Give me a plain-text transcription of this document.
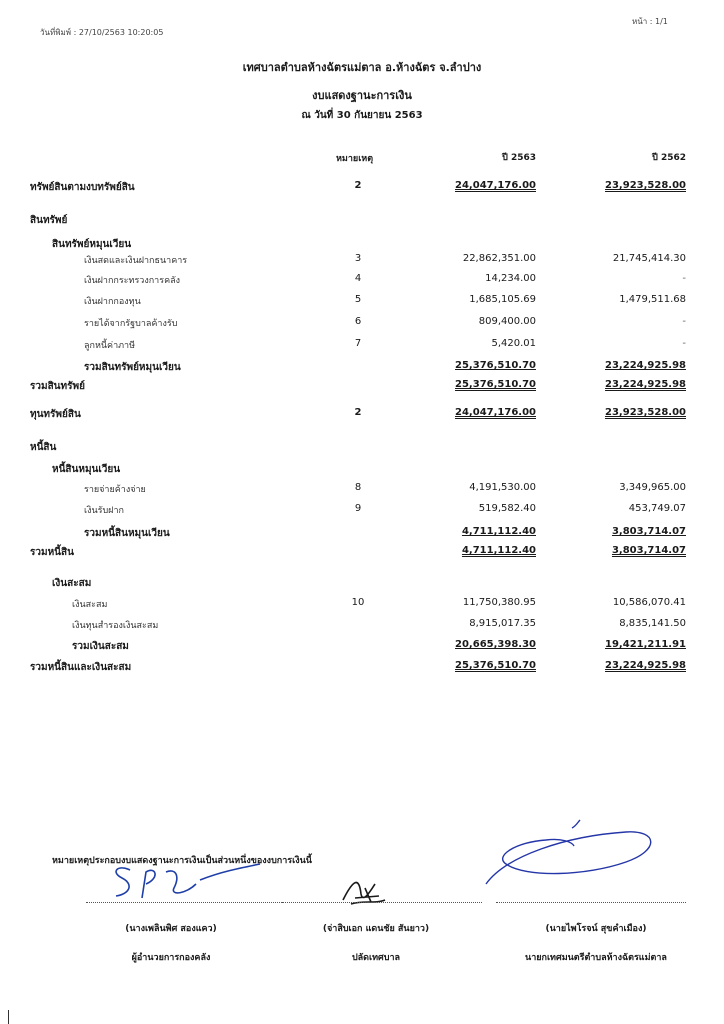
วันที่พิมพ์ : 27/10/2563 10:20:05
หน้า : 1/1
เทศบาลตำบลห้างฉัตรแม่ตาล อ.ห้างฉัตร จ.ลำปาง
งบแสดงฐานะการเงิน
ณ วันที่ 30 กันยายน 2563
หมายเหตุ	ปี 2563	ปี 2562
ทรัพย์สินตามงบทรัพย์สิน	2	24,047,176.00	23,923,528.00
สินทรัพย์
สินทรัพย์หมุนเวียน
เงินสดและเงินฝากธนาคาร	3	22,862,351.00	21,745,414.30
เงินฝากกระทรวงการคลัง	4	14,234.00	-
เงินฝากกองทุน	5	1,685,105.69	1,479,511.68
รายได้จากรัฐบาลค้างรับ	6	809,400.00	-
ลูกหนี้ค่าภาษี	7	5,420.01	-
รวมสินทรัพย์หมุนเวียน	25,376,510.70	23,224,925.98
รวมสินทรัพย์	25,376,510.70	23,224,925.98
ทุนทรัพย์สิน	2	24,047,176.00	23,923,528.00
หนี้สิน
หนี้สินหมุนเวียน
รายจ่ายค้างจ่าย	8	4,191,530.00	3,349,965.00
เงินรับฝาก	9	519,582.40	453,749.07
รวมหนี้สินหมุนเวียน	4,711,112.40	3,803,714.07
รวมหนี้สิน	4,711,112.40	3,803,714.07
เงินสะสม
เงินสะสม	10	11,750,380.95	10,586,070.41
เงินทุนสำรองเงินสะสม	8,915,017.35	8,835,141.50
รวมเงินสะสม	20,665,398.30	19,421,211.91
รวมหนี้สินและเงินสะสม	25,376,510.70	23,224,925.98
หมายเหตุประกอบงบแสดงฐานะการเงินเป็นส่วนหนึ่งของงบการเงินนี้
(นางเพลินพิศ สองแคว)	(จ่าสิบเอก แดนชัย สันยาว)	(นายไพโรจน์ สุขคำเมือง)
ผู้อำนวยการกองคลัง	ปลัดเทศบาล	นายกเทศมนตรีตำบลห้างฉัตรแม่ตาล
